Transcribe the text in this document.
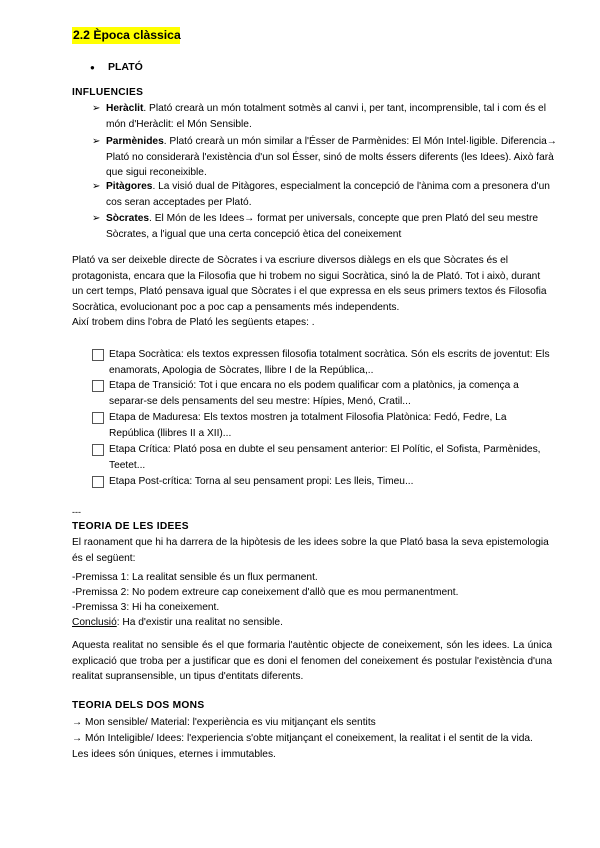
2.2 Època clàssica
● PLATÓ
INFLUENCIES
➢ Heràclit. Plató crearà un món totalment sotmès al canvi i, per tant, incomprensible, tal i com és el món d'Heràclit: el Món Sensible.
➢ Parmènides. Plató crearà un món similar a l'Ésser de Parmènides: El Món Intel·ligible. Diferencia→ Plató no considerarà l'existència d'un sol Ésser, sinó de molts éssers diferents (les Idees). Això farà que sigui reconeixible.
➢ Pitàgores. La visió dual de Pitàgores, especialment la concepció de l'ànima com a presonera d'un cos seran acceptades per Plató.
➢ Sòcrates. El Món de les Idees→ format per universals, concepte que pren Plató del seu mestre Sòcrates, a l'igual que una certa concepció ètica del coneixement

Plató va ser deixeble directe de Sòcrates i va escriure diversos diàlegs en els que Sòcrates és el protagonista, encara que la Filosofia que hi trobem no sigui Socràtica, sinó la de Plató. Tot i això, durant un cert temps, Plató pensava igual que Sòcrates i el que expressa en els seus primers textos és Filosofia Socràtica, evolucionant poc a poc cap a pensaments més independents.

Així trobem dins l'obra de Plató les següents etapes: .

Etapa Socràtica: els textos expressen filosofia totalment socràtica. Són els escrits de joventut: Els enamorats, Apologia de Sòcrates, llibre I de la República,..
Etapa de Transició: Tot i que encara no els podem qualificar com a platònics, ja comença a separar-se dels pensaments del seu mestre: Hípies, Menó, Cratil...
Etapa de Maduresa: Els textos mostren ja totalment Filosofia Platònica: Fedó, Fedre, La República (llibres II a XII)...
Etapa Crítica: Plató posa en dubte el seu pensament anterior: El Polític, el Sofista, Parmènides, Teetet...
Etapa Post-crítica: Torna al seu pensament propi: Les lleis, Timeu...
---
TEORIA DE LES IDEES
El raonament que hi ha darrera de la hipòtesis de les idees sobre la que Plató basa la seva epistemologia és el següent:
-Premissa 1: La realitat sensible és un flux permanent.
-Premissa 2: No podem extreure cap coneixement d'allò que es mou permanentment.
-Premissa 3: Hi ha coneixement.
Conclusió: Ha d'existir una realitat no sensible.
Aquesta realitat no sensible és el que formaria l'autèntic objecte de coneixement, són les idees. La única explicació que troba per a justificar que es doni el fenomen del coneixement és postular l'existència d'una realitat supransensible, un tipus d'entitats diferents.
TEORIA DELS DOS MONS
→ Mon sensible/ Material: l'experiència es viu mitjançant els sentits
→ Món Inteligible/ Idees: l'experiencia s'obte mitjançant el coneixement, la realitat i el sentit de la vida. Les idees són úniques, eternes i immutables.
